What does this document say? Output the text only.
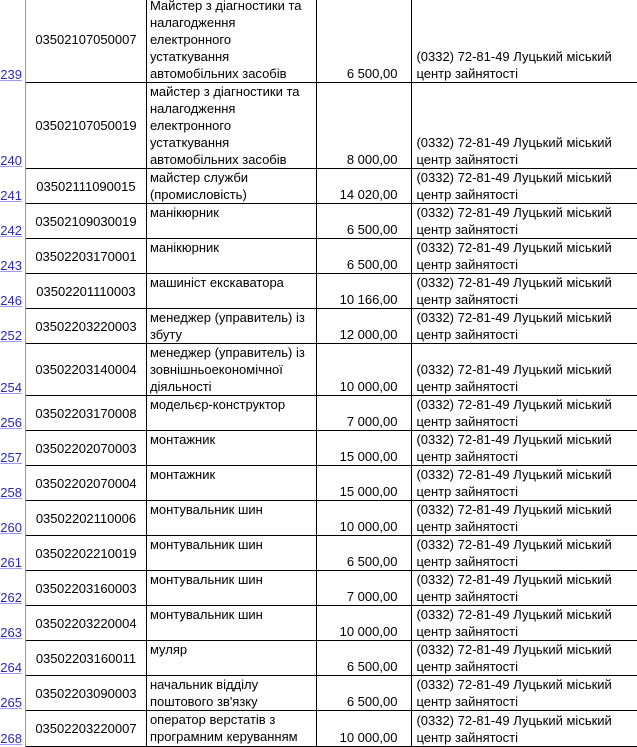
239	03502107050007	Майстер з діагностики та налагодження електронного устаткування автомобільних засобів	6 500,00	(0332) 72-81-49 Луцький міський центр зайнятості
240	03502107050019	майстер з діагностики та налагодження електронного устаткування автомобільних засобів	8 000,00	(0332) 72-81-49 Луцький міський центр зайнятості
241	03502111090015	майстер служби (промисловість)	14 020,00	(0332) 72-81-49 Луцький міський центр зайнятості
242	03502109030019	манікюрник	6 500,00	(0332) 72-81-49 Луцький міський центр зайнятості
243	03502203170001	манікюрник	6 500,00	(0332) 72-81-49 Луцький міський центр зайнятості
246	03502201110003	машиніст екскаватора	10 166,00	(0332) 72-81-49 Луцький міський центр зайнятості
252	03502203220003	менеджер (управитель) із збуту	12 000,00	(0332) 72-81-49 Луцький міський центр зайнятості
254	03502203140004	менеджер (управитель) із зовнішньоекономічної діяльності	10 000,00	(0332) 72-81-49 Луцький міський центр зайнятості
256	03502203170008	модельєр-конструктор	7 000,00	(0332) 72-81-49 Луцький міський центр зайнятості
257	03502202070003	монтажник	15 000,00	(0332) 72-81-49 Луцький міський центр зайнятості
258	03502202070004	монтажник	15 000,00	(0332) 72-81-49 Луцький міський центр зайнятості
260	03502202110006	монтувальник шин	10 000,00	(0332) 72-81-49 Луцький міський центр зайнятості
261	03502202210019	монтувальник шин	6 500,00	(0332) 72-81-49 Луцький міський центр зайнятості
262	03502203160003	монтувальник шин	7 000,00	(0332) 72-81-49 Луцький міський центр зайнятості
263	03502203220004	монтувальник шин	10 000,00	(0332) 72-81-49 Луцький міський центр зайнятості
264	03502203160011	муляр	6 500,00	(0332) 72-81-49 Луцький міський центр зайнятості
265	03502203090003	начальник відділу поштового зв'язку	6 500,00	(0332) 72-81-49 Луцький міський центр зайнятості
268	03502203220007	оператор верстатів з програмним керуванням	10 000,00	(0332) 72-81-49 Луцький міський центр зайнятості
